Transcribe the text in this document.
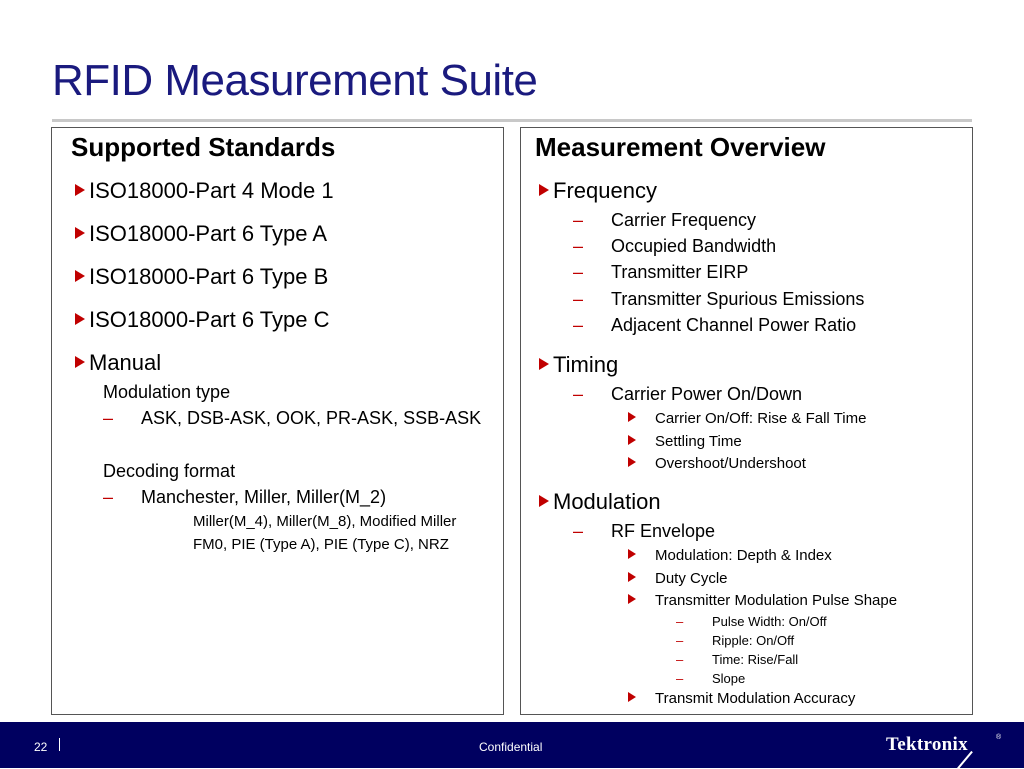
RFID Measurement Suite
Supported Standards
ISO18000-Part 4 Mode 1
ISO18000-Part 6 Type A
ISO18000-Part 6 Type B
ISO18000-Part 6 Type C
Manual
Modulation type
– ASK, DSB-ASK, OOK, PR-ASK, SSB-ASK
Decoding format
– Manchester, Miller, Miller(M_2)
Miller(M_4), Miller(M_8), Modified Miller
FM0, PIE (Type A), PIE (Type C), NRZ
Measurement Overview
Frequency
– Carrier Frequency
– Occupied Bandwidth
– Transmitter EIRP
– Transmitter Spurious Emissions
– Adjacent Channel Power Ratio
Timing
– Carrier Power On/Down
Carrier On/Off: Rise & Fall Time
Settling Time
Overshoot/Undershoot
Modulation
– RF Envelope
Modulation: Depth & Index
Duty Cycle
Transmitter Modulation Pulse Shape
– Pulse Width: On/Off
– Ripple: On/Off
– Time: Rise/Fall
– Slope
Transmit Modulation Accuracy
22	Confidential	Tektronix	®
